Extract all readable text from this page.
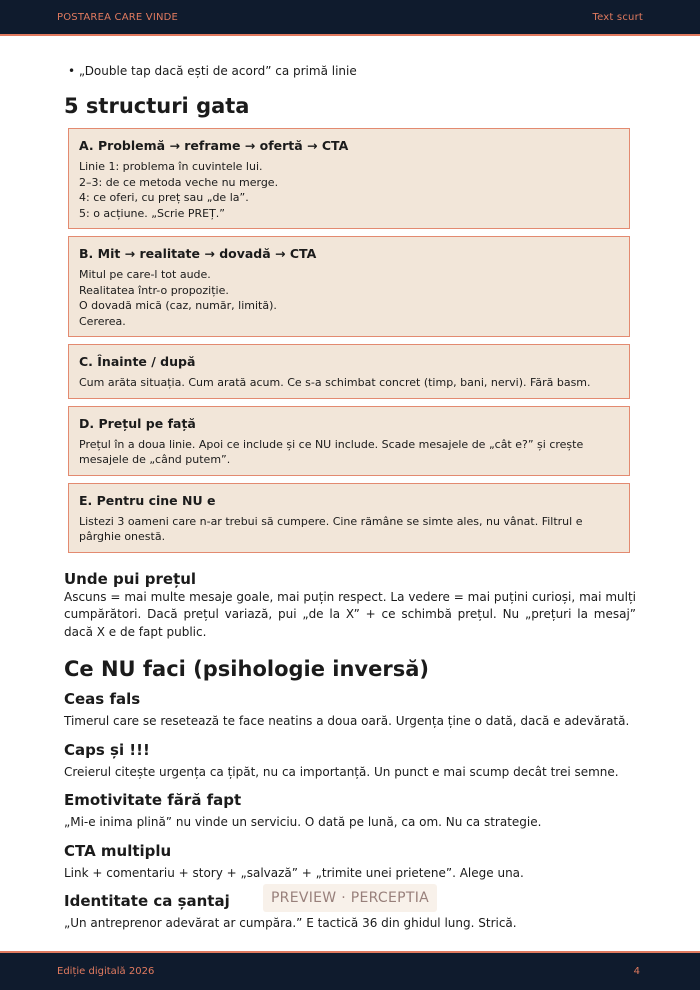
POSTAREA CARE VINDE	Text scurt
• „Double tap dacă ești de acord” ca primă linie
5 structuri gata
A. Problemă → reframe → ofertă → CTA
Linie 1: problema în cuvintele lui.
2–3: de ce metoda veche nu merge.
4: ce oferi, cu preț sau „de la”.
5: o acțiune. „Scrie PREȚ.”
B. Mit → realitate → dovadă → CTA
Mitul pe care-l tot aude.
Realitatea într-o propoziție.
O dovadă mică (caz, număr, limită).
Cererea.
C. Înainte / după
Cum arăta situația. Cum arată acum. Ce s-a schimbat concret (timp, bani, nervi). Fără basm.
D. Prețul pe față
Prețul în a doua linie. Apoi ce include și ce NU include. Scade mesajele de „cât e?” și crește mesajele de „când putem”.
E. Pentru cine NU e
Listezi 3 oameni care n-ar trebui să cumpere. Cine rămâne se simte ales, nu vânat. Filtrul e pârghie onestă.
Unde pui prețul

Ascuns = mai multe mesaje goale, mai puțin respect. La vedere = mai puțini curioși, mai mulți cumpărători. Dacă prețul variază, pui „de la X” + ce schimbă prețul. Nu „prețuri la mesaj” dacă X e de fapt public.

Ce NU faci (psihologie inversă)
Ceas fals

Timerul care se resetează te face neatins a doua oară. Urgența ține o dată, dacă e adevărată.

Caps și !!!

Creierul citește urgența ca țipăt, nu ca importanță. Un punct e mai scump decât trei semne.

Emotivitate fără fapt

„Mi-e inima plină” nu vinde un serviciu. O dată pe lună, ca om. Nu ca strategie.

CTA multiplu

Link + comentariu + story + „salvază” + „trimite unei prietene”. Alege una.

Identitate ca șantaj

„Un antreprenor adevărat ar cumpăra.” E tactică 36 din ghidul lung. Strică.

PREVIEW · PERCEPTIA
Ediție digitală 2026	4
